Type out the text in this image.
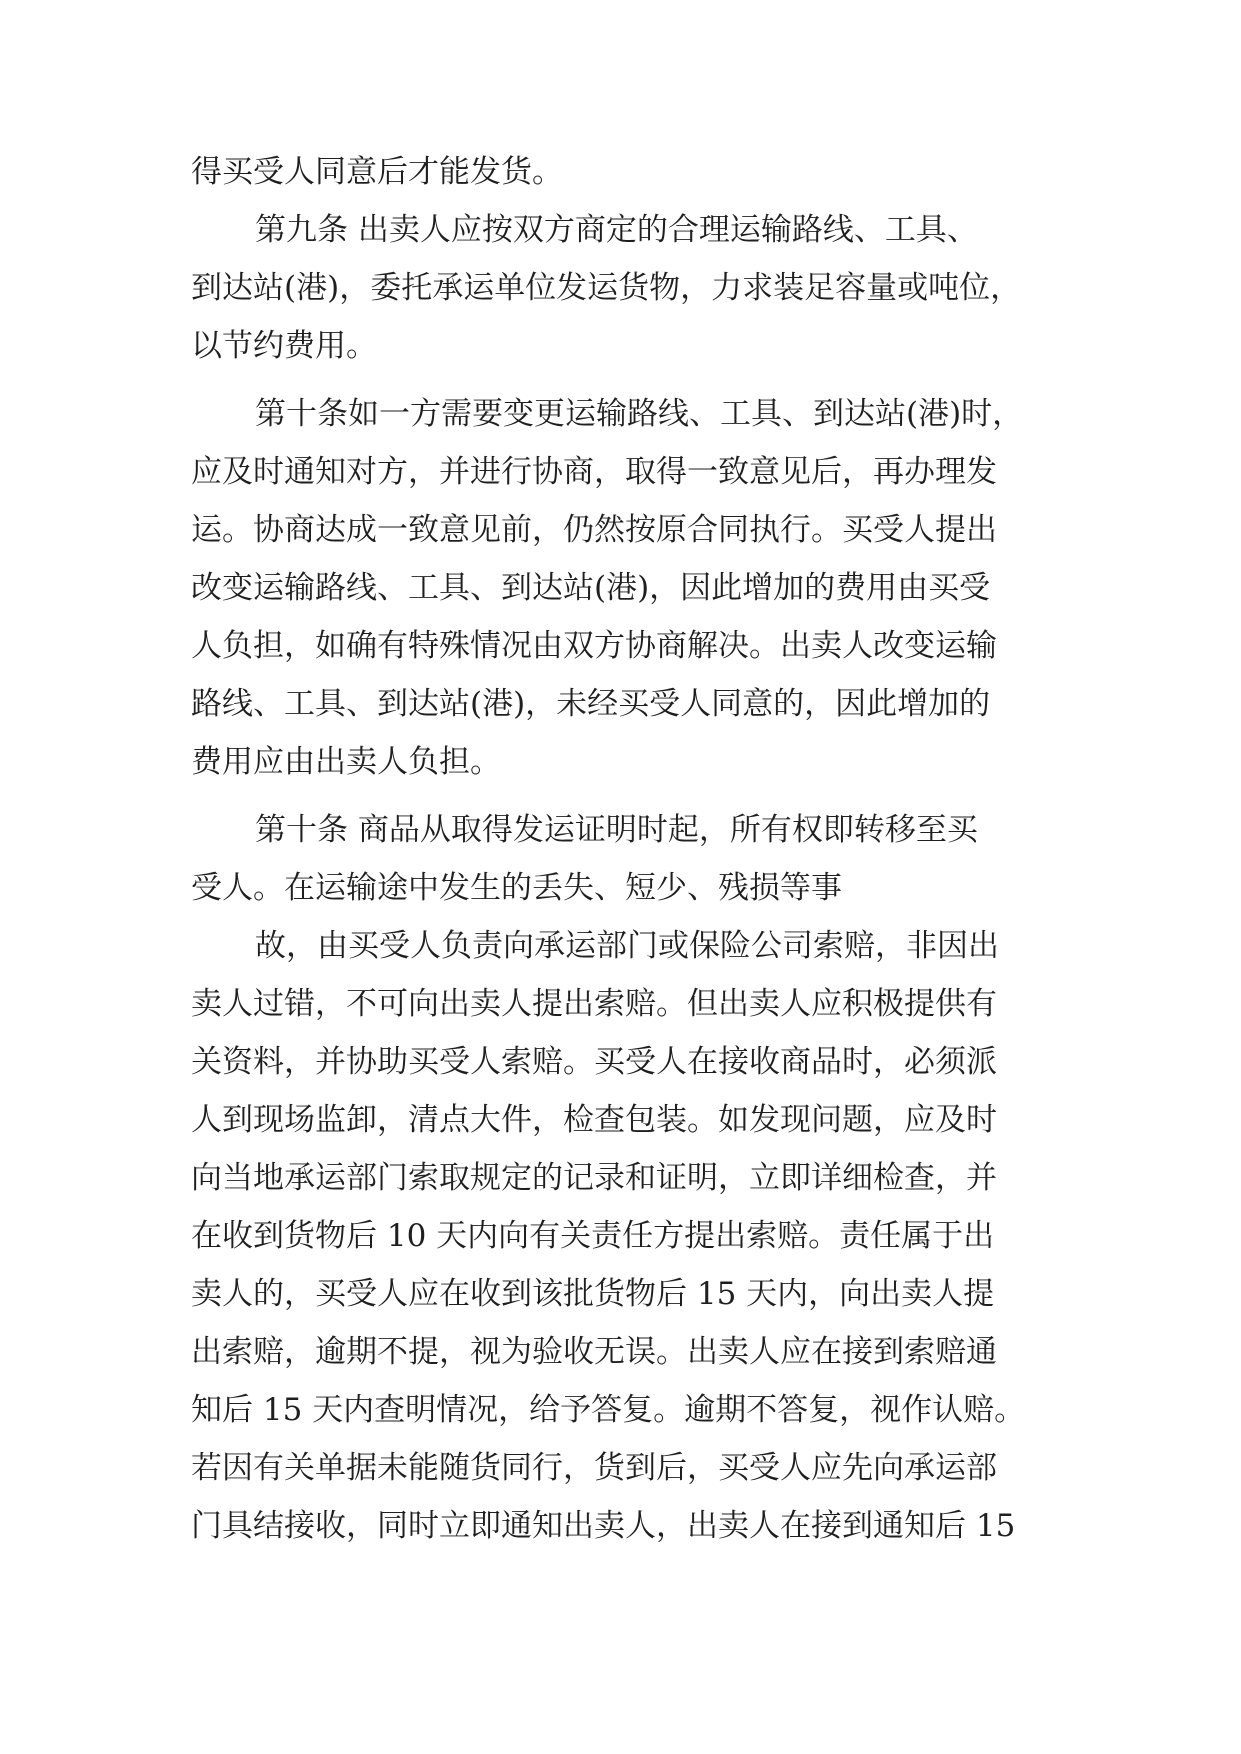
得买受人同意后才能发货。

第九条 出卖人应按双方商定的合理运输路线、工具、

到达站(港)，委托承运单位发运货物，力求装足容量或吨位，

以节约费用。

第十条如一方需要变更运输路线、工具、到达站(港)时，

应及时通知对方，并进行协商，取得一致意见后，再办理发

运。协商达成一致意见前，仍然按原合同执行。买受人提出

改变运输路线、工具、到达站(港)，因此增加的费用由买受

人负担，如确有特殊情况由双方协商解决。出卖人改变运输

路线、工具、到达站(港)，未经买受人同意的，因此增加的

费用应由出卖人负担。

第十条 商品从取得发运证明时起，所有权即转移至买

受人。在运输途中发生的丢失、短少、残损等事

故，由买受人负责向承运部门或保险公司索赔，非因出

卖人过错，不可向出卖人提出索赔。但出卖人应积极提供有

关资料，并协助买受人索赔。买受人在接收商品时，必须派

人到现场监卸，清点大件，检查包装。如发现问题，应及时

向当地承运部门索取规定的记录和证明，立即详细检查，并

在收到货物后 10 天内向有关责任方提出索赔。责任属于出

卖人的，买受人应在收到该批货物后 15 天内，向出卖人提

出索赔，逾期不提，视为验收无误。出卖人应在接到索赔通

知后 15 天内查明情况，给予答复。逾期不答复，视作认赔。

若因有关单据未能随货同行，货到后，买受人应先向承运部

门具结接收，同时立即通知出卖人，出卖人在接到通知后 15
